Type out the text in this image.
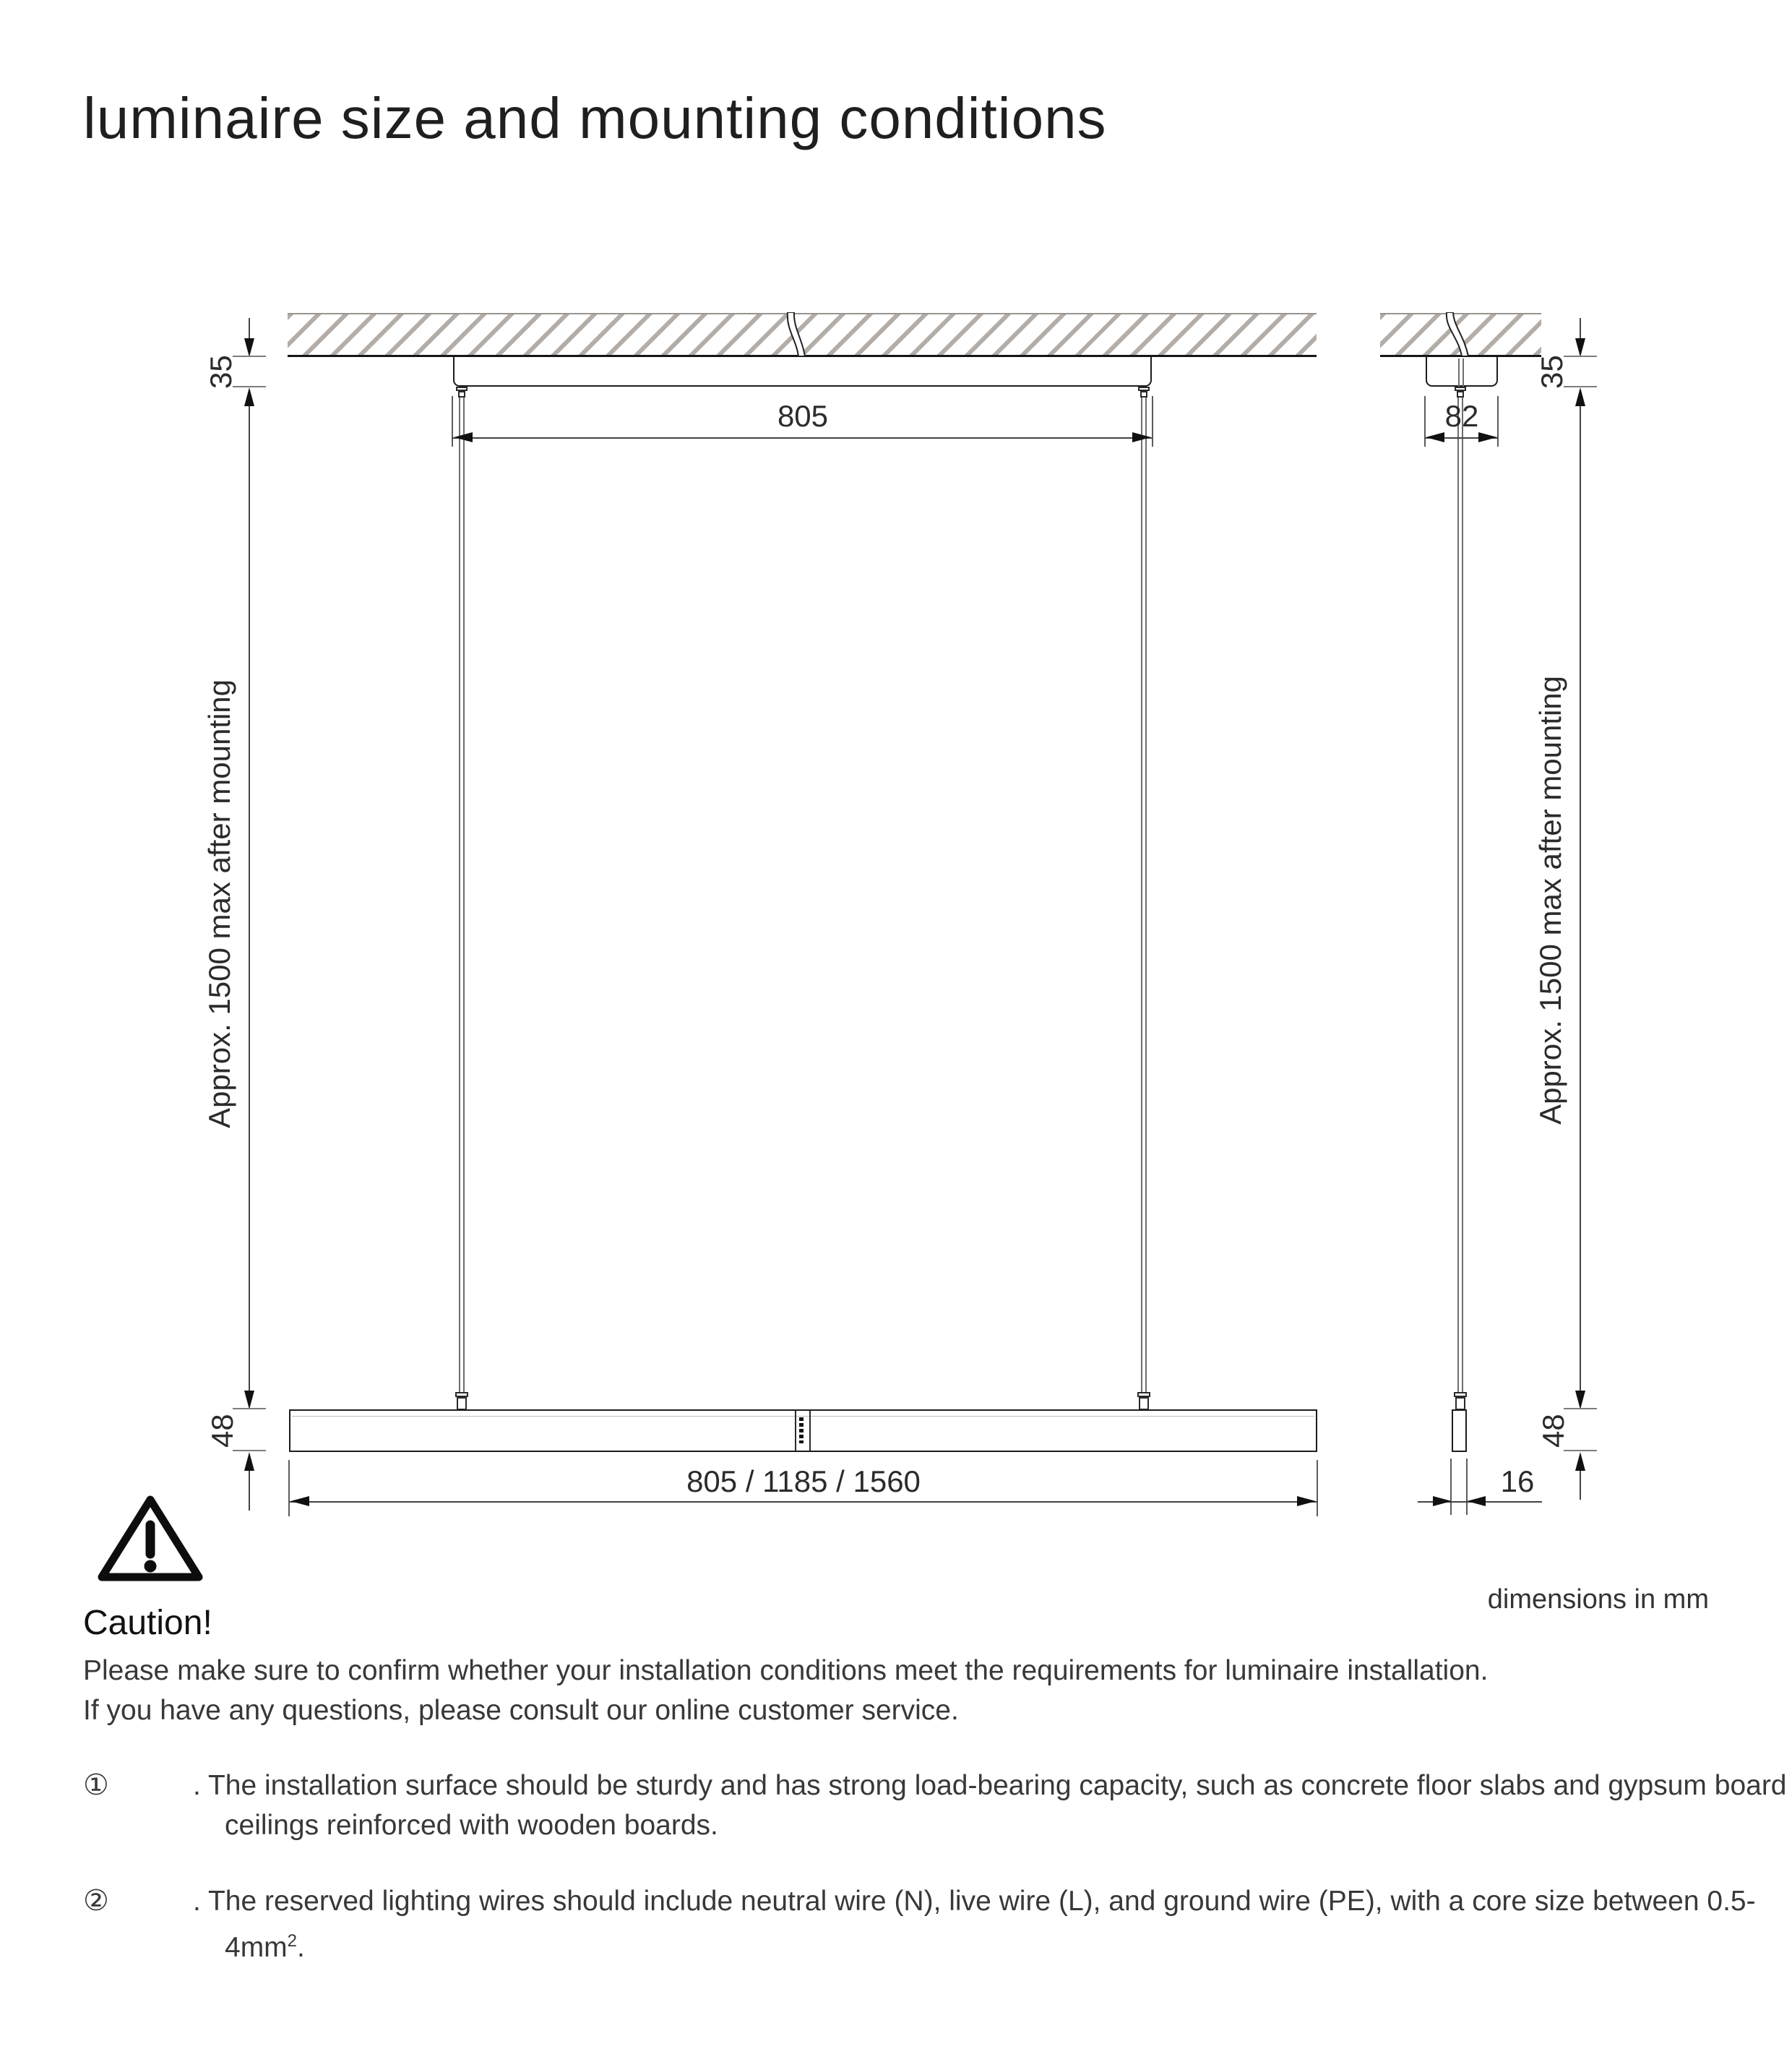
luminaire size and mounting conditions
805
35
Approx. 1500 max after mounting
48
805 / 1185 / 1560
82
35
Approx. 1500 max after mounting
48
16
dimensions in mm
Caution!
Please make sure to confirm whether your installation conditions meet the requirements for luminaire installation.
If you have any questions, please consult our online customer service.
①	. The installation surface should be sturdy and has strong load-bearing capacity, such as concrete floor slabs and gypsum board ceilings reinforced with wooden boards.
②	. The reserved lighting wires should include neutral wire (N), live wire (L), and ground wire (PE), with a core size between $0.5-4mm^2$.
